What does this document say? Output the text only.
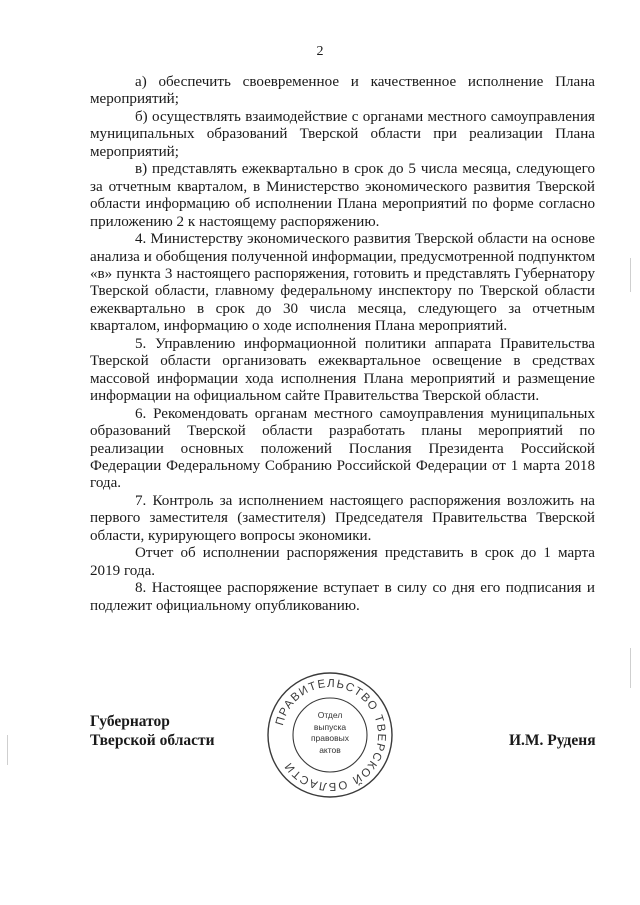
2

а) обеспечить своевременное и качественное исполнение Плана мероприятий;

б) осуществлять взаимодействие с органами местного самоуправления муниципальных образований Тверской области при реализации Плана мероприятий;

в) представлять ежеквартально в срок до 5 числа месяца, следующего за отчетным кварталом, в Министерство экономического развития Тверской области информацию об исполнении Плана мероприятий по форме согласно приложению 2 к настоящему распоряжению.

4. Министерству экономического развития Тверской области на основе анализа и обобщения полученной информации, предусмотренной подпунктом «в» пункта 3 настоящего распоряжения, готовить и представлять Губернатору Тверской области, главному федеральному инспектору по Тверской области ежеквартально в срок до 30 числа месяца, следующего за отчетным кварталом, информацию о ходе исполнения Плана мероприятий.

5. Управлению информационной политики аппарата Правительства Тверской области организовать ежеквартальное освещение в средствах массовой информации хода исполнения Плана мероприятий и размещение информации на официальном сайте Правительства Тверской области.

6. Рекомендовать органам местного самоуправления муниципальных образований Тверской области разработать планы мероприятий по реализации основных положений Послания Президента Российской Федерации Федеральному Собранию Российской Федерации от 1 марта 2018 года.

7. Контроль за исполнением настоящего распоряжения возложить на первого заместителя (заместителя) Председателя Правительства Тверской области, курирующего вопросы экономики.

Отчет об исполнении распоряжения представить в срок до 1 марта 2019 года.

8. Настоящее распоряжение вступает в силу со дня его подписания и подлежит официальному опубликованию.

Губернатор
Тверской области	И.М. Руденя
ПРАВИТЕЛЬСТВО ТВЕРСКОЙ ОБЛАСТИ
Отдел
выпуска
правовых
актов
